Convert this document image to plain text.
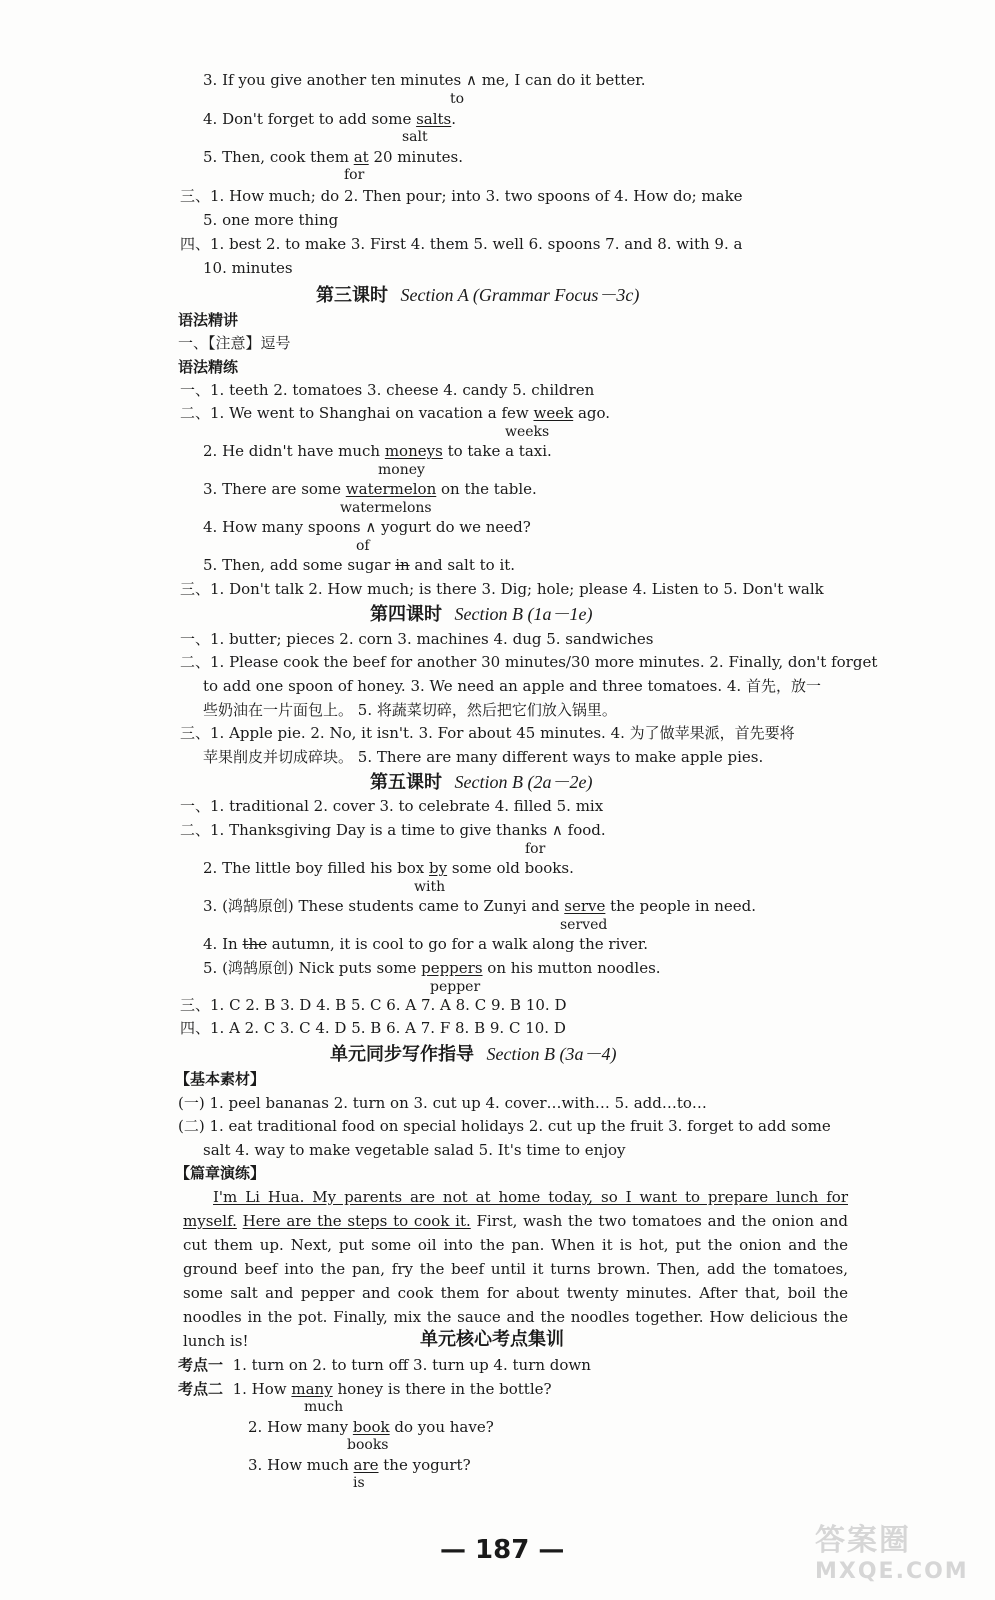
3. If you give another ten minutes ∧ me, I can do it better.
to
4. Don't forget to add some salts.
salt
5. Then, cook them at 20 minutes.
for
三、1. How much; do 2. Then pour; into 3. two spoons of 4. How do; make
5. one more thing
四、1. best 2. to make 3. First 4. them 5. well 6. spoons 7. and 8. with 9. a
10. minutes
第三课时 Section A (Grammar Focus－3c)
语法精讲
一、【注意】逗号
语法精练
一、1. teeth 2. tomatoes 3. cheese 4. candy 5. children
二、1. We went to Shanghai on vacation a few week ago.
weeks
2. He didn't have much moneys to take a taxi.
money
3. There are some watermelon on the table.
watermelons
4. How many spoons ∧ yogurt do we need?
of
5. Then, add some sugar in and salt to it.
三、1. Don't talk 2. How much; is there 3. Dig; hole; please 4. Listen to 5. Don't walk
第四课时 Section B (1a－1e)
一、1. butter; pieces 2. corn 3. machines 4. dug 5. sandwiches
二、1. Please cook the beef for another 30 minutes/30 more minutes. 2. Finally, don't forget
to add one spoon of honey. 3. We need an apple and three tomatoes. 4. 首先，放一
些奶油在一片面包上。 5. 将蔬菜切碎，然后把它们放入锅里。
三、1. Apple pie. 2. No, it isn't. 3. For about 45 minutes. 4. 为了做苹果派，首先要将
苹果削皮并切成碎块。 5. There are many different ways to make apple pies.
第五课时 Section B (2a－2e)
一、1. traditional 2. cover 3. to celebrate 4. filled 5. mix
二、1. Thanksgiving Day is a time to give thanks ∧ food.
for
2. The little boy filled his box by some old books.
with
3. (鸿鹄原创) These students came to Zunyi and serve the people in need.
served
4. In the autumn, it is cool to go for a walk along the river.
5. (鸿鹄原创) Nick puts some peppers on his mutton noodles.
pepper
三、1. C 2. B 3. D 4. B 5. C 6. A 7. A 8. C 9. B 10. D
四、1. A 2. C 3. C 4. D 5. B 6. A 7. F 8. B 9. C 10. D
单元同步写作指导 Section B (3a－4)
【基本素材】
(一) 1. peel bananas 2. turn on 3. cut up 4. cover…with… 5. add…to…
(二) 1. eat traditional food on special holidays 2. cut up the fruit 3. forget to add some
salt 4. way to make vegetable salad 5. It's time to enjoy
【篇章演练】
I'm Li Hua. My parents are not at home today, so I want to prepare lunch for myself. Here are the steps to cook it. First, wash the two tomatoes and the onion and cut them up. Next, put some oil into the pan. When it is hot, put the onion and the ground beef into the pan, fry the beef until it turns brown. Then, add the tomatoes, some salt and pepper and cook them for about twenty minutes. After that, boil the noodles in the pot. Finally, mix the sauce and the noodles together. How delicious the lunch is!	单元核心考点集训
考点一 1. turn on 2. to turn off 3. turn up 4. turn down
考点二 1. How many honey is there in the bottle?
much
2. How many book do you have?
books
3. How much are the yogurt?
is
— 187 —	答案圈
MXQE.COM
